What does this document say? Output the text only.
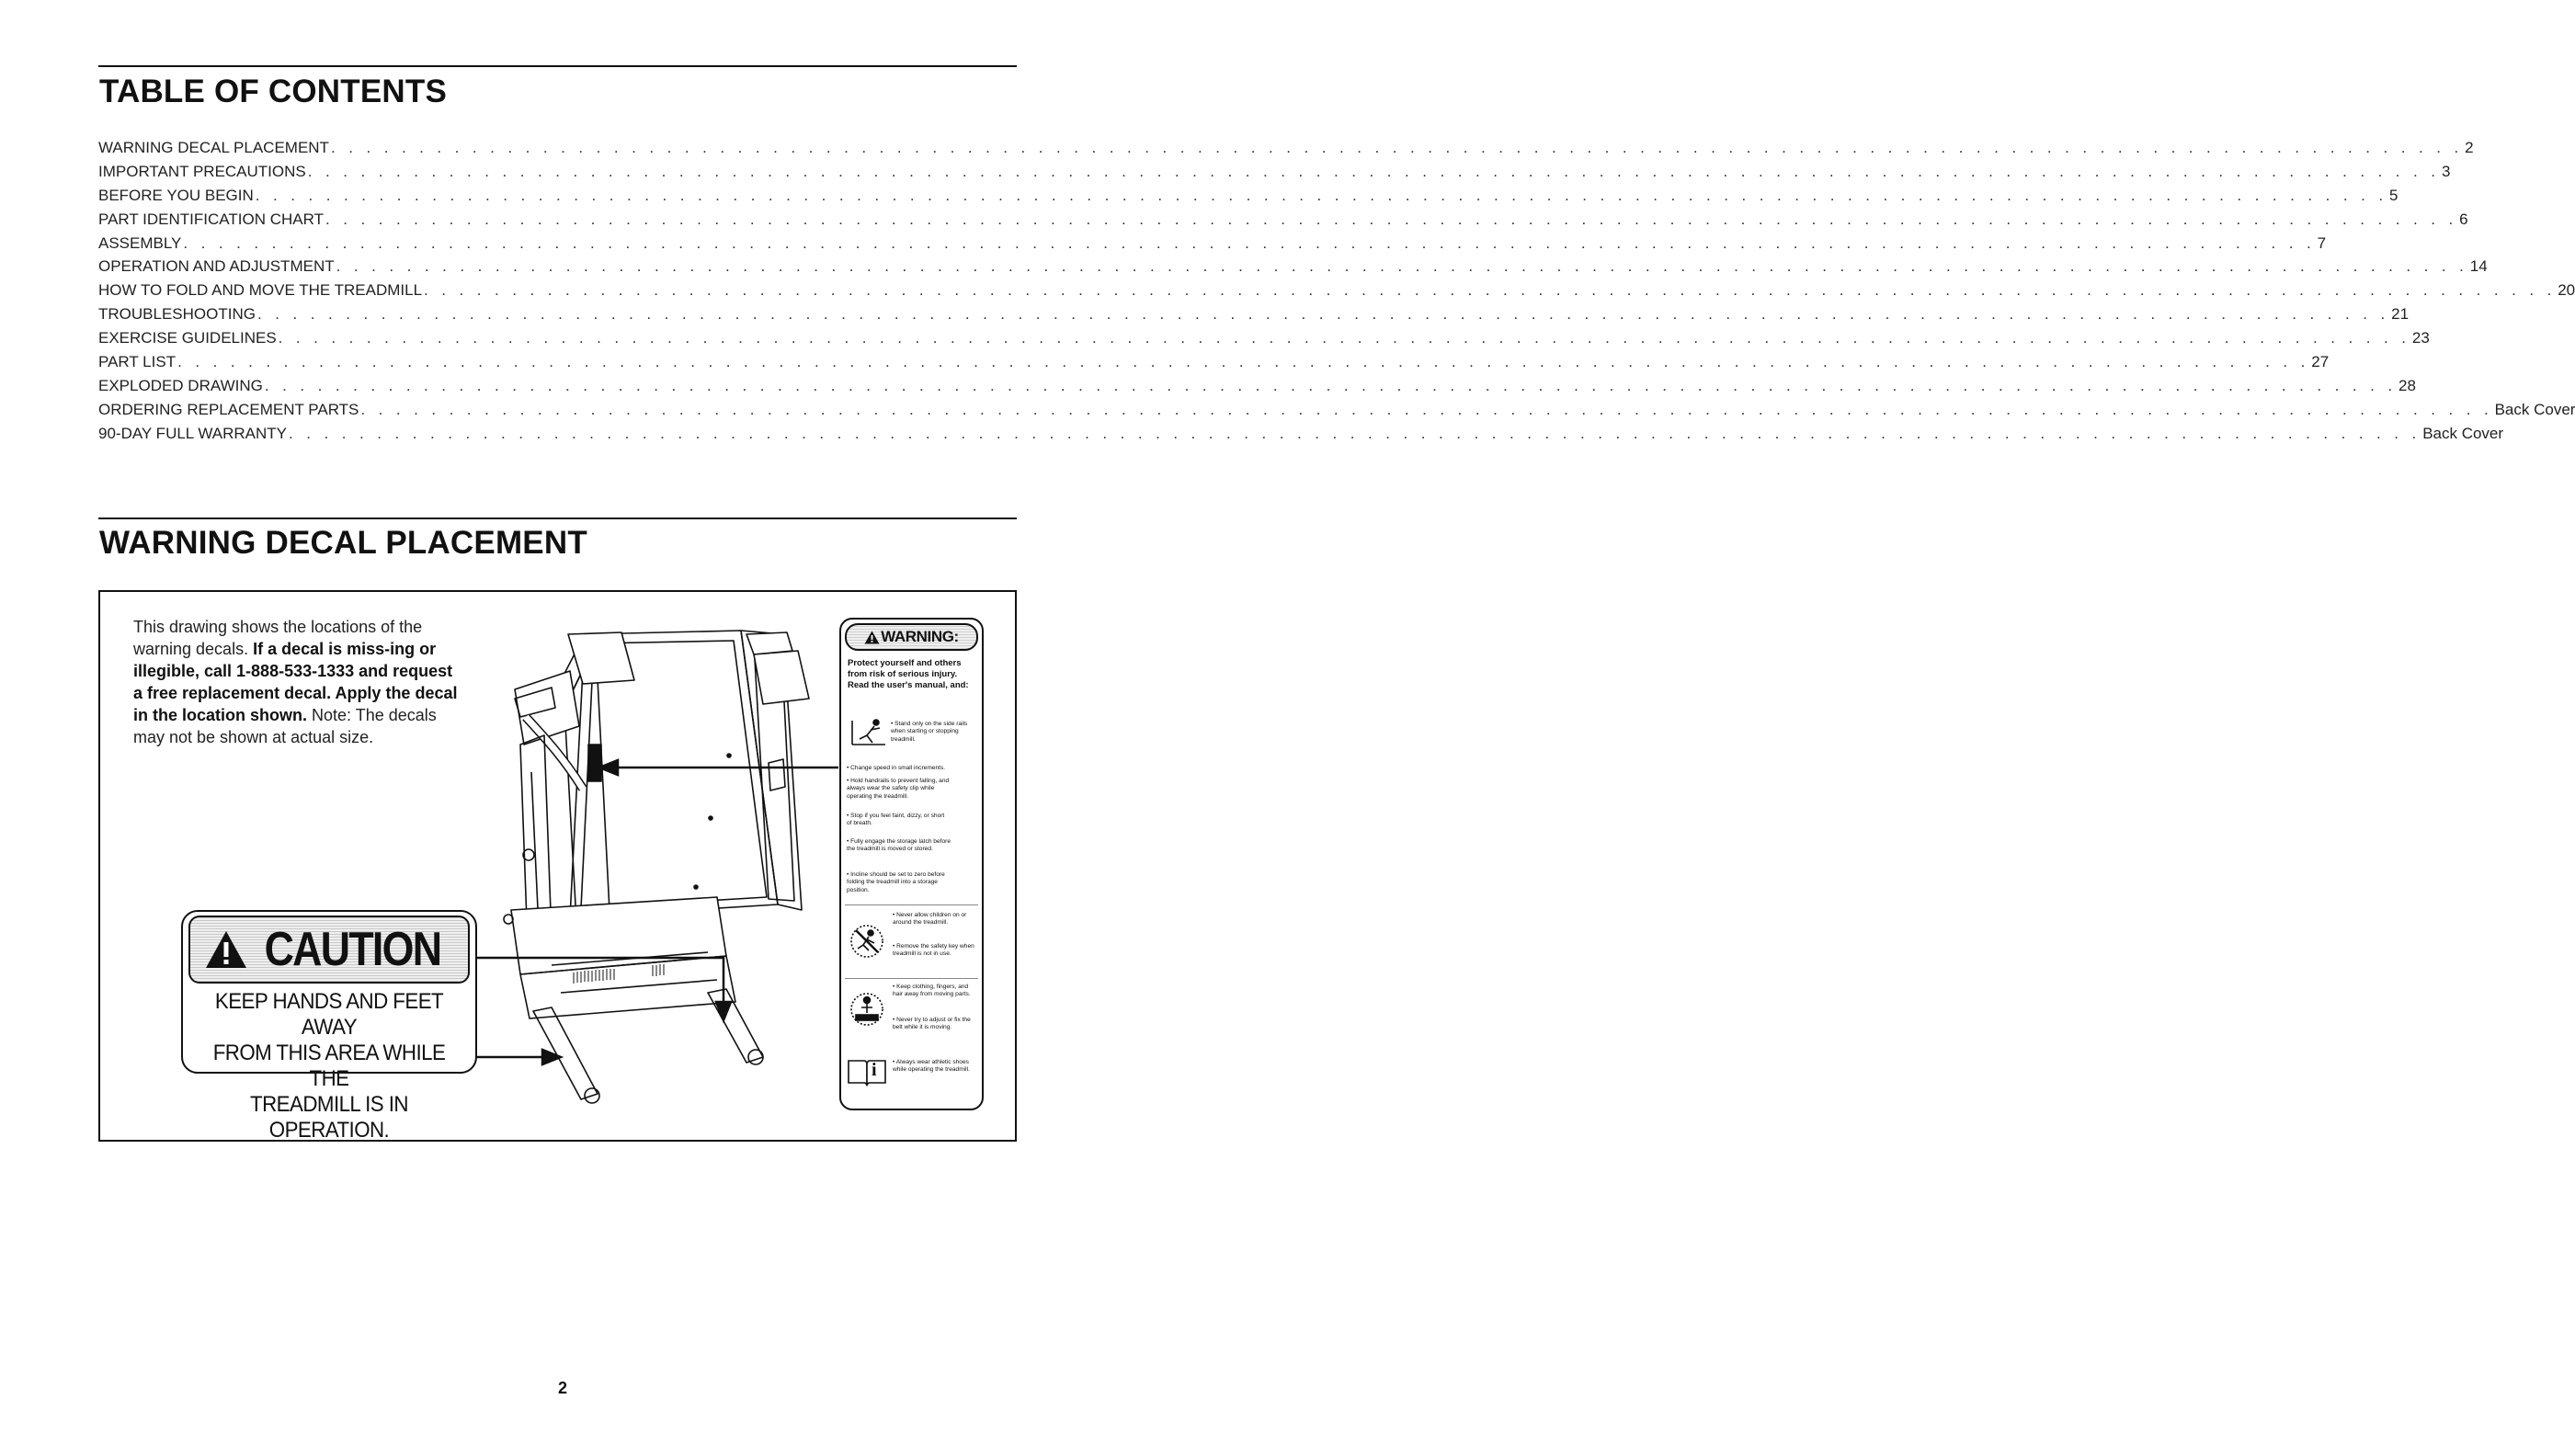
TABLE OF CONTENTS
WARNING DECAL PLACEMENT . . . . . . . . . . . . . . . . . . . . . . . . . . . . . . . . . . . . . . . . . . . . . . . . . . . . . . . . . . . . . . . . . . . . . . . . . . . . . . . . . . . . . . . . . . . . . . . . . . . . . . . . . . . . . . . . . . . . . . . . . 2
IMPORTANT PRECAUTIONS . . . . . . . . . . . . . . . . . . . . . . . . . . . . . . . . . . . . . . . . . . . . . . . . . . . . . . . . . . . . . . . . . . . . . . . . . . . . . . . . . . . . . . . . . . . . . . . . . . . . . . . . . . . . . . . . . . . . . . . . . 3
BEFORE YOU BEGIN . . . . . . . . . . . . . . . . . . . . . . . . . . . . . . . . . . . . . . . . . . . . . . . . . . . . . . . . . . . . . . . . . . . . . . . . . . . . . . . . . . . . . . . . . . . . . . . . . . . . . . . . . . . . . . . . . . . . . . . . . 5
PART IDENTIFICATION CHART . . . . . . . . . . . . . . . . . . . . . . . . . . . . . . . . . . . . . . . . . . . . . . . . . . . . . . . . . . . . . . . . . . . . . . . . . . . . . . . . . . . . . . . . . . . . . . . . . . . . . . . . . . . . . . . . . . . . . . . . . 6
ASSEMBLY . . . . . . . . . . . . . . . . . . . . . . . . . . . . . . . . . . . . . . . . . . . . . . . . . . . . . . . . . . . . . . . . . . . . . . . . . . . . . . . . . . . . . . . . . . . . . . . . . . . . . . . . . . . . . . . . . . . . . . . . . 7
OPERATION AND ADJUSTMENT . . . . . . . . . . . . . . . . . . . . . . . . . . . . . . . . . . . . . . . . . . . . . . . . . . . . . . . . . . . . . . . . . . . . . . . . . . . . . . . . . . . . . . . . . . . . . . . . . . . . . . . . . . . . . . . . . . . . . . . . . 14
HOW TO FOLD AND MOVE THE TREADMILL . . . . . . . . . . . . . . . . . . . . . . . . . . . . . . . . . . . . . . . . . . . . . . . . . . . . . . . . . . . . . . . . . . . . . . . . . . . . . . . . . . . . . . . . . . . . . . . . . . . . . . . . . . . . . . . . . . . . . . . . . 20
TROUBLESHOOTING . . . . . . . . . . . . . . . . . . . . . . . . . . . . . . . . . . . . . . . . . . . . . . . . . . . . . . . . . . . . . . . . . . . . . . . . . . . . . . . . . . . . . . . . . . . . . . . . . . . . . . . . . . . . . . . . . . . . . . . . . 21
EXERCISE GUIDELINES . . . . . . . . . . . . . . . . . . . . . . . . . . . . . . . . . . . . . . . . . . . . . . . . . . . . . . . . . . . . . . . . . . . . . . . . . . . . . . . . . . . . . . . . . . . . . . . . . . . . . . . . . . . . . . . . . . . . . . . . . 23
PART LIST . . . . . . . . . . . . . . . . . . . . . . . . . . . . . . . . . . . . . . . . . . . . . . . . . . . . . . . . . . . . . . . . . . . . . . . . . . . . . . . . . . . . . . . . . . . . . . . . . . . . . . . . . . . . . . . . . . . . . . . . . 27
EXPLODED DRAWING . . . . . . . . . . . . . . . . . . . . . . . . . . . . . . . . . . . . . . . . . . . . . . . . . . . . . . . . . . . . . . . . . . . . . . . . . . . . . . . . . . . . . . . . . . . . . . . . . . . . . . . . . . . . . . . . . . . . . . . . . 28
ORDERING REPLACEMENT PARTS . . . . . . . . . . . . . . . . . . . . . . . . . . . . . . . . . . . . . . . . . . . . . . . . . . . . . . . . . . . . . . . . . . . . . . . . . . . . . . . . . . . . . . . . . . . . . . . . . . . . . . . . . . . . . . . . . . . . . . . . . Back Cover
90-DAY FULL WARRANTY . . . . . . . . . . . . . . . . . . . . . . . . . . . . . . . . . . . . . . . . . . . . . . . . . . . . . . . . . . . . . . . . . . . . . . . . . . . . . . . . . . . . . . . . . . . . . . . . . . . . . . . . . . . . . . . . . . . . . . . . . Back Cover
WARNING DECAL PLACEMENT
This drawing shows the locations of the warning decals. If a decal is miss-ing or illegible, call 1-888-533-1333 and request a free replacement decal. Apply the decal in the location shown. Note: The decals may not be shown at actual size.
CAUTION
KEEP HANDS AND FEET AWAY
FROM THIS AREA WHILE THE
TREADMILL IS IN OPERATION.
WARNING:
Protect yourself and others from risk of serious injury. Read the user's manual, and:
• Stand only on the side rails when starting or stopping treadmill.
• Change speed in small increments.
• Hold handrails to prevent falling, and always wear the safety clip while operating the treadmill.
• Stop if you feel faint, dizzy, or short of breath.
• Fully engage the storage latch before the treadmill is moved or stored.
• Incline should be set to zero before folding the treadmill into a storage position.
• Never allow children on or around the treadmill.
• Remove the safety key when treadmill is not in use.
• Keep clothing, fingers, and hair away from moving parts.
• Never try to adjust or fix the belt while it is moving.
i	• Always wear athletic shoes while operating the treadmill.
2
